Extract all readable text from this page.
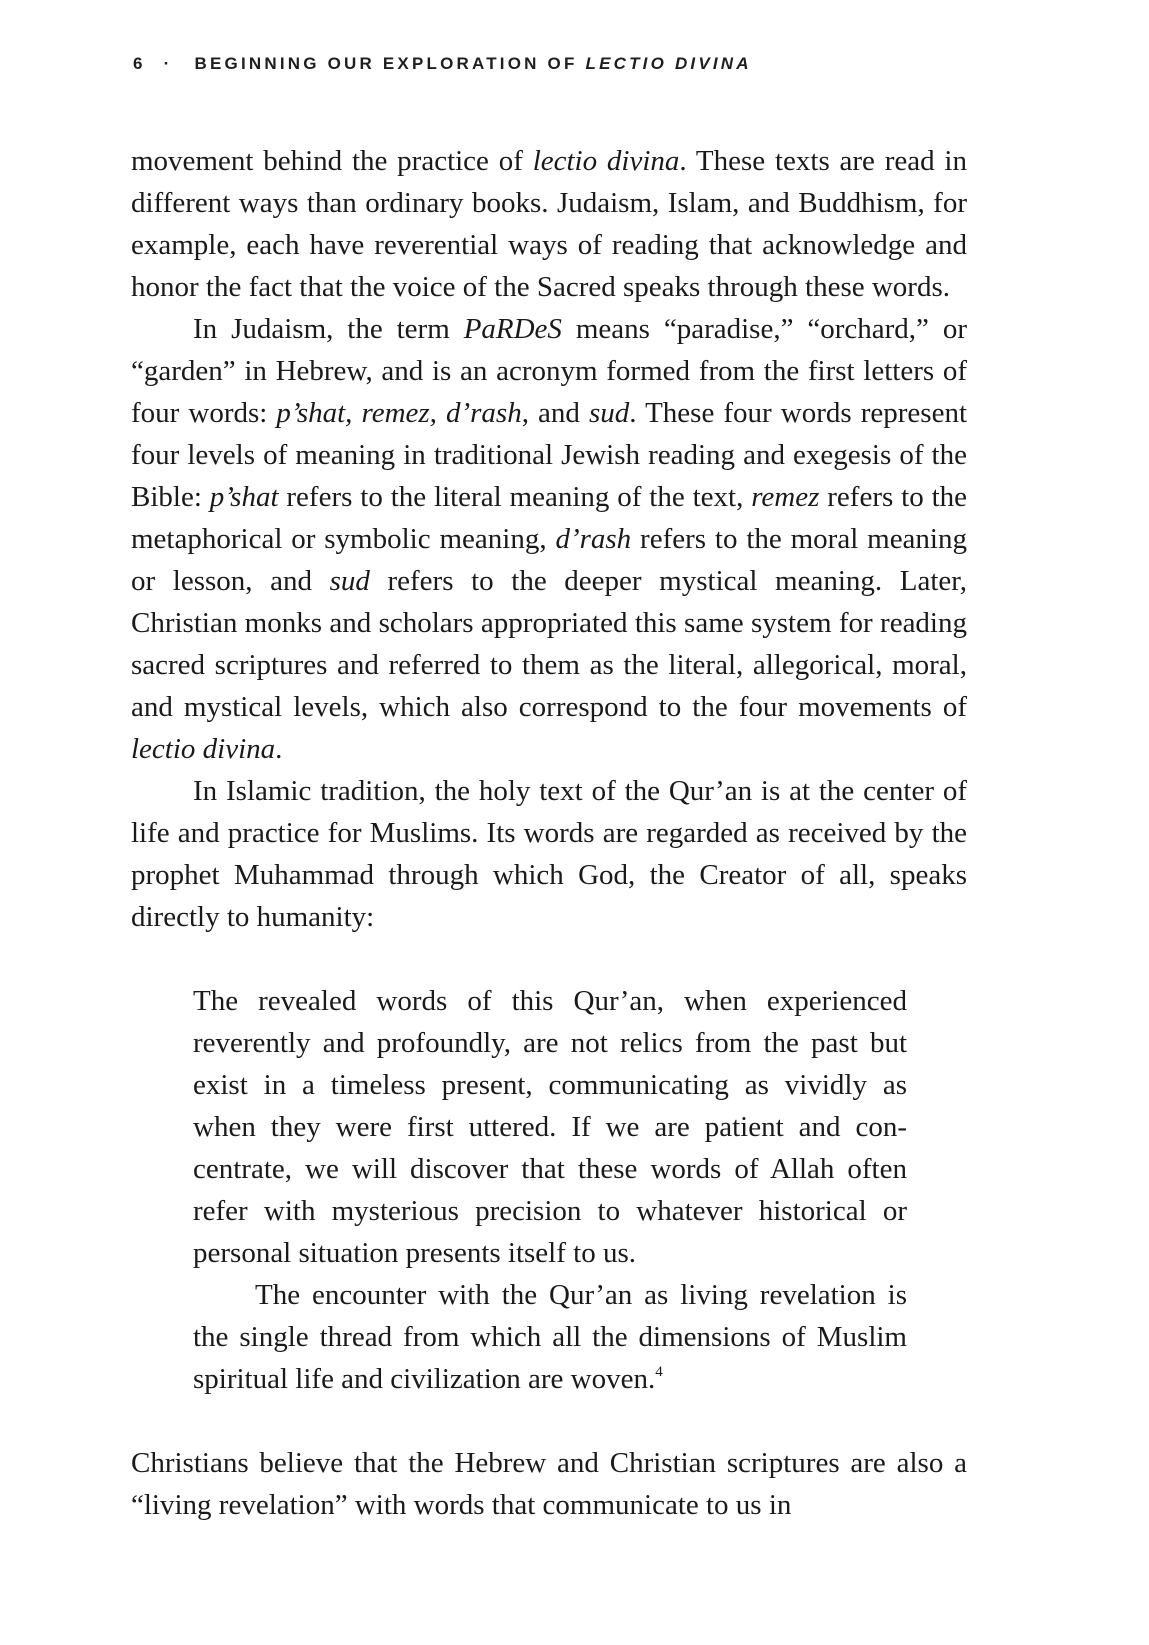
6 · BEGINNING OUR EXPLORATION OF LECTIO DIVINA

movement behind the practice of lectio divina. These texts are read in different ways than ordinary books. Judaism, Islam, and Buddhism, for example, each have reverential ways of reading that acknowledge and honor the fact that the voice of the Sacred speaks through these words.

In Judaism, the term PaRDeS means “paradise,” “orchard,” or “garden” in Hebrew, and is an acronym formed from the first letters of four words: p’shat, remez, d’rash, and sud. These four words represent four levels of meaning in traditional Jewish reading and exegesis of the Bible: p’shat refers to the literal meaning of the text, remez refers to the metaphorical or symbolic meaning, d’rash refers to the moral meaning or lesson, and sud refers to the deeper mystical meaning. Later, Christian monks and scholars appropriated this same system for reading sacred scriptures and referred to them as the literal, allegorical, moral, and mystical levels, which also correspond to the four movements of lectio divina.

In Islamic tradition, the holy text of the Qur’an is at the center of life and practice for Muslims. Its words are regarded as received by the prophet Muhammad through which God, the Creator of all, speaks directly to humanity:

The revealed words of this Qur’an, when experienced reverently and profoundly, are not relics from the past but exist in a timeless present, communicating as vividly as when they were first uttered. If we are patient and concentrate, we will discover that these words of Allah often refer with mysterious precision to whatever historical or personal situation presents itself to us.

The encounter with the Qur’an as living revelation is the single thread from which all the dimensions of Muslim spiritual life and civilization are woven.$^4$

Christians believe that the Hebrew and Christian scriptures are also a “living revelation” with words that communicate to us in
